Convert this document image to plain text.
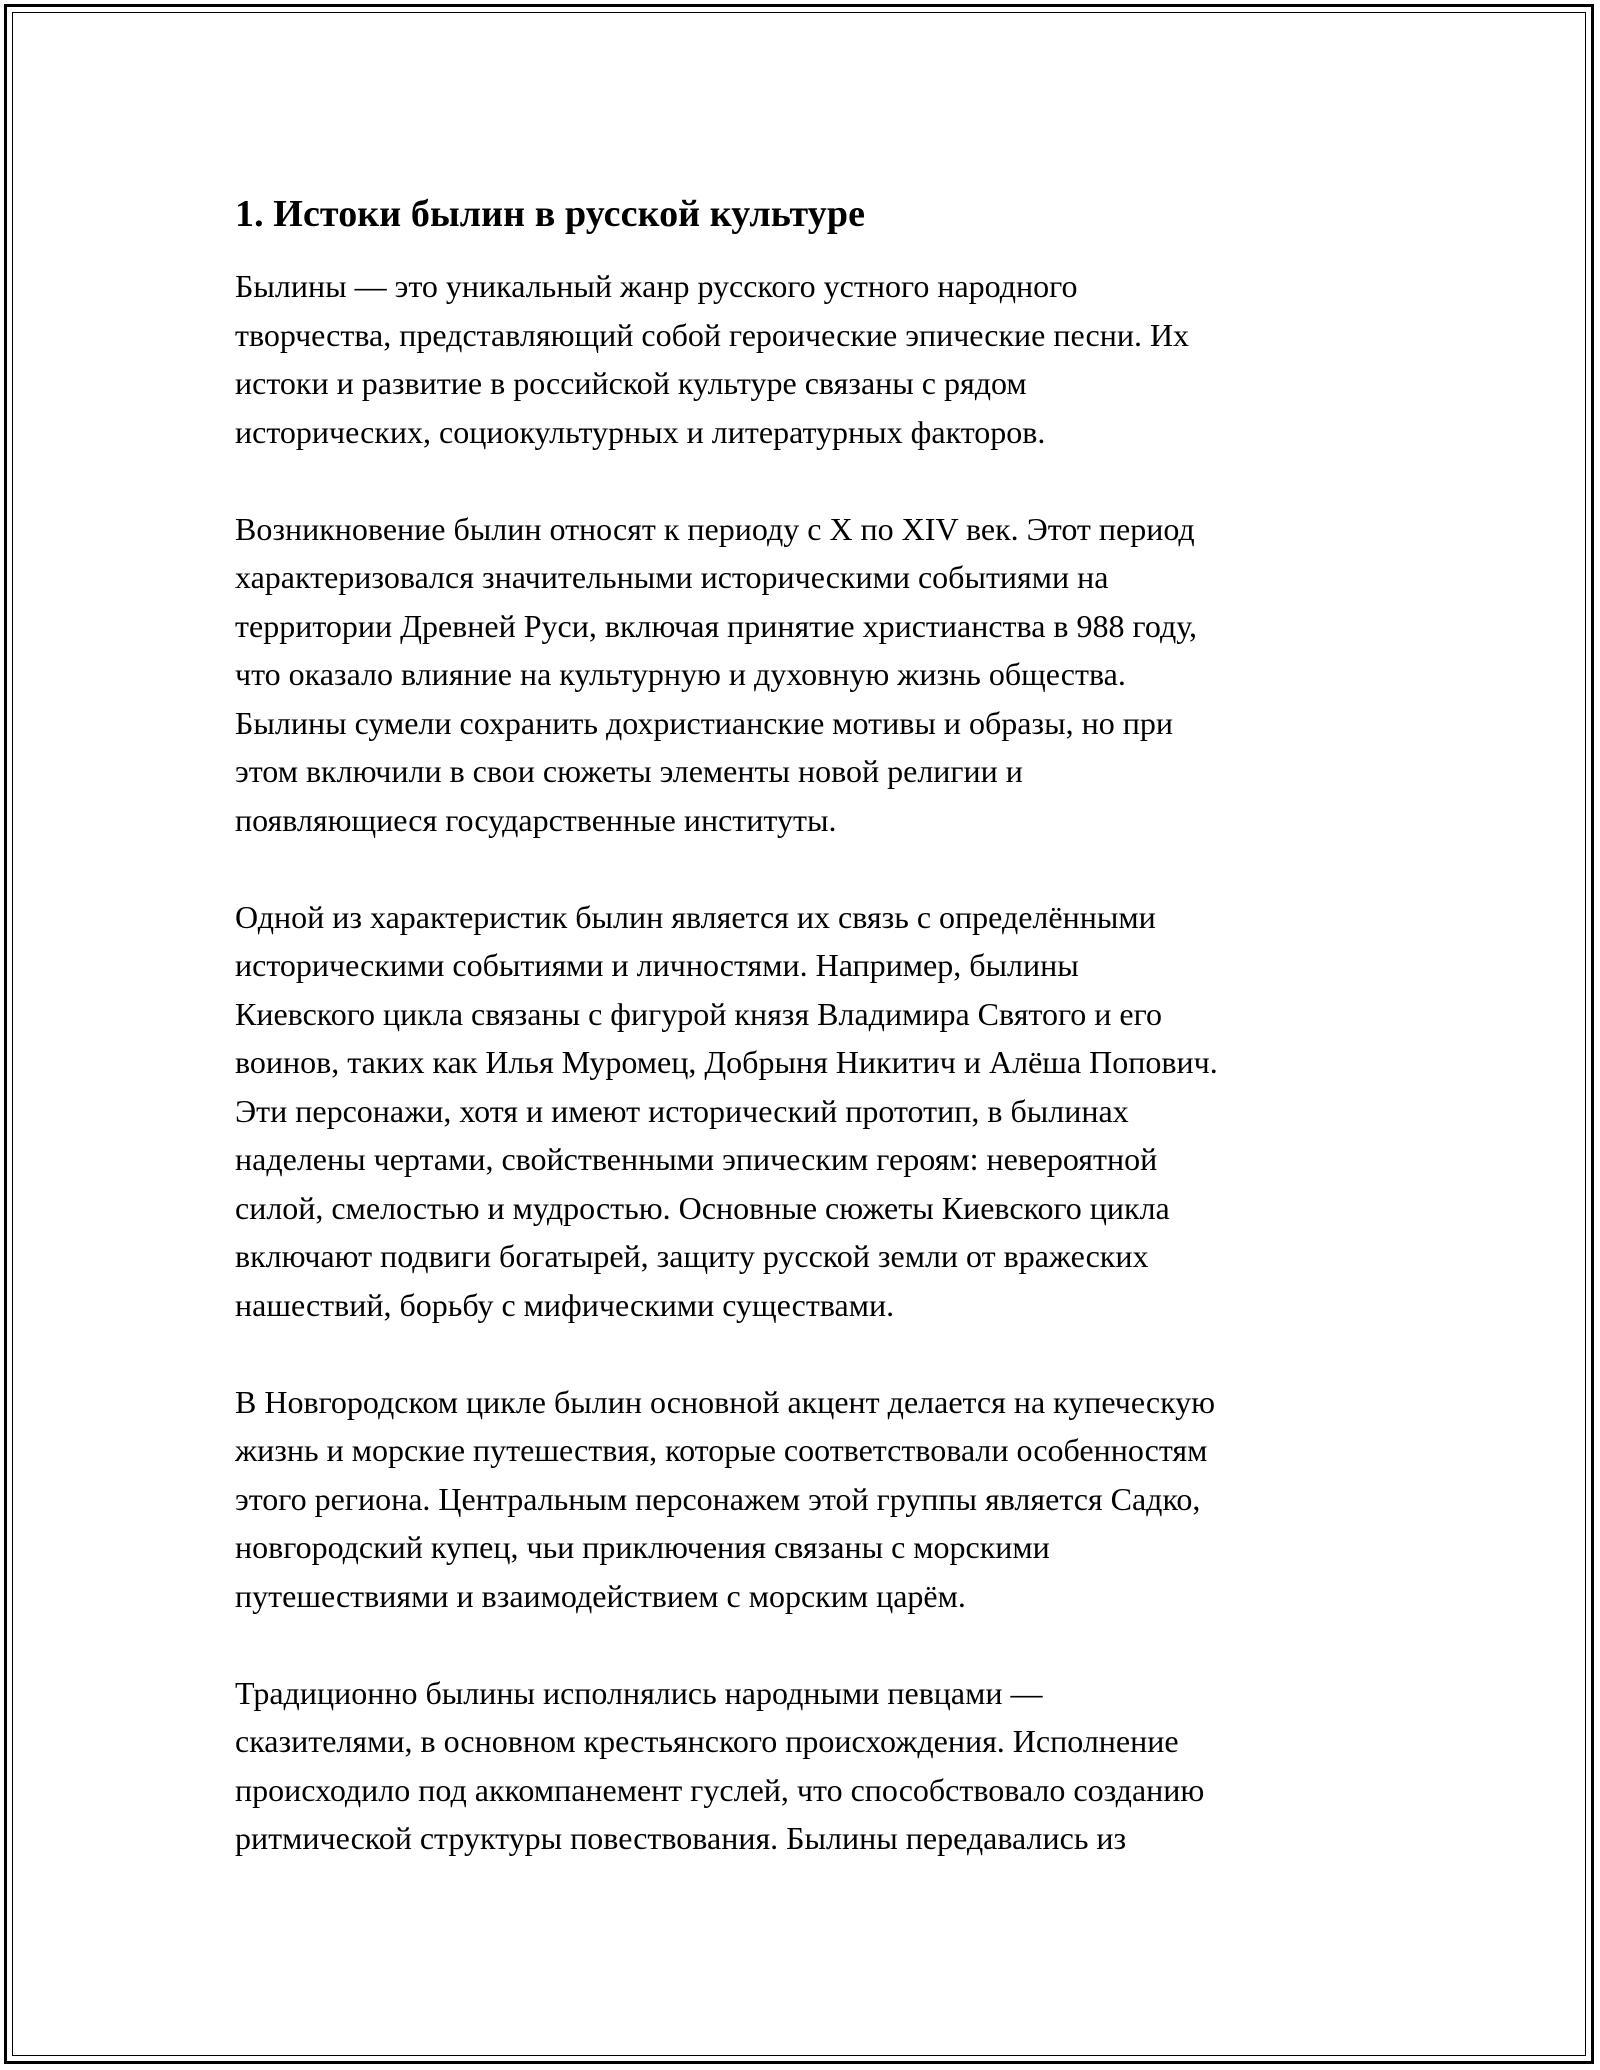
1. Истоки былин в русской культуре

Былины — это уникальный жанр русского устного народного
творчества, представляющий собой героические эпические песни. Их
истоки и развитие в российской культуре связаны с рядом
исторических, социокультурных и литературных факторов.

Возникновение былин относят к периоду с X по XIV век. Этот период
характеризовался значительными историческими событиями на
территории Древней Руси, включая принятие христианства в 988 году,
что оказало влияние на культурную и духовную жизнь общества.
Былины сумели сохранить дохристианские мотивы и образы, но при
этом включили в свои сюжеты элементы новой религии и
появляющиеся государственные институты.

Одной из характеристик былин является их связь с определёнными
историческими событиями и личностями. Например, былины
Киевского цикла связаны с фигурой князя Владимира Святого и его
воинов, таких как Илья Муромец, Добрыня Никитич и Алёша Попович.
Эти персонажи, хотя и имеют исторический прототип, в былинах
наделены чертами, свойственными эпическим героям: невероятной
силой, смелостью и мудростью. Основные сюжеты Киевского цикла
включают подвиги богатырей, защиту русской земли от вражеских
нашествий, борьбу с мифическими существами.

В Новгородском цикле былин основной акцент делается на купеческую
жизнь и морские путешествия, которые соответствовали особенностям
этого региона. Центральным персонажем этой группы является Садко,
новгородский купец, чьи приключения связаны с морскими
путешествиями и взаимодействием с морским царём.

Традиционно былины исполнялись народными певцами —
сказителями, в основном крестьянского происхождения. Исполнение
происходило под аккомпанемент гуслей, что способствовало созданию
ритмической структуры повествования. Былины передавались из
